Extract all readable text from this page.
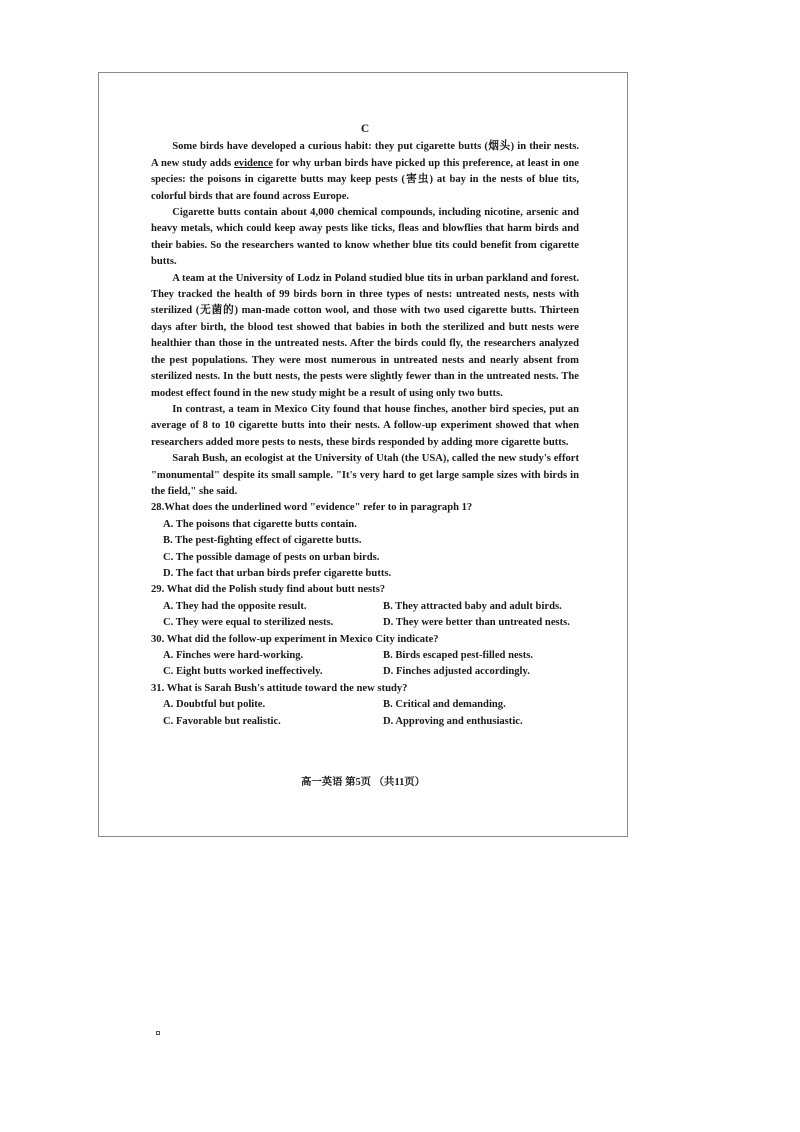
C

Some birds have developed a curious habit: they put cigarette butts (烟头) in their nests. A new study adds evidence for why urban birds have picked up this preference, at least in one species: the poisons in cigarette butts may keep pests (害虫) at bay in the nests of blue tits, colorful birds that are found across Europe.

Cigarette butts contain about 4,000 chemical compounds, including nicotine, arsenic and heavy metals, which could keep away pests like ticks, fleas and blowflies that harm birds and their babies. So the researchers wanted to know whether blue tits could benefit from cigarette butts.

A team at the University of Lodz in Poland studied blue tits in urban parkland and forest. They tracked the health of 99 birds born in three types of nests: untreated nests, nests with sterilized (无菌的) man-made cotton wool, and those with two used cigarette butts. Thirteen days after birth, the blood test showed that babies in both the sterilized and butt nests were healthier than those in the untreated nests. After the birds could fly, the researchers analyzed the pest populations. They were most numerous in untreated nests and nearly absent from sterilized nests. In the butt nests, the pests were slightly fewer than in the untreated nests. The modest effect found in the new study might be a result of using only two butts.

In contrast, a team in Mexico City found that house finches, another bird species, put an average of 8 to 10 cigarette butts into their nests. A follow-up experiment showed that when researchers added more pests to nests, these birds responded by adding more cigarette butts.

Sarah Bush, an ecologist at the University of Utah (the USA), called the new study's effort "monumental" despite its small sample. "It's very hard to get large sample sizes with birds in the field," she said.

28.What does the underlined word "evidence" refer to in paragraph 1?

A. The poisons that cigarette butts contain.
B. The pest-fighting effect of cigarette butts.
C. The possible damage of pests on urban birds.
D. The fact that urban birds prefer cigarette butts.

29. What did the Polish study find about butt nests?

A. They had the opposite result.	B. They attracted baby and adult birds.
C. They were equal to sterilized nests.	D. They were better than untreated nests.

30. What did the follow-up experiment in Mexico City indicate?

A. Finches were hard-working.	B. Birds escaped pest-filled nests.
C. Eight butts worked ineffectively.	D. Finches adjusted accordingly.

31. What is Sarah Bush's attitude toward the new study?

A. Doubtful but polite.	B. Critical and demanding.
C. Favorable but realistic.	D. Approving and enthusiastic.
高一英语 第5页 （共11页）
